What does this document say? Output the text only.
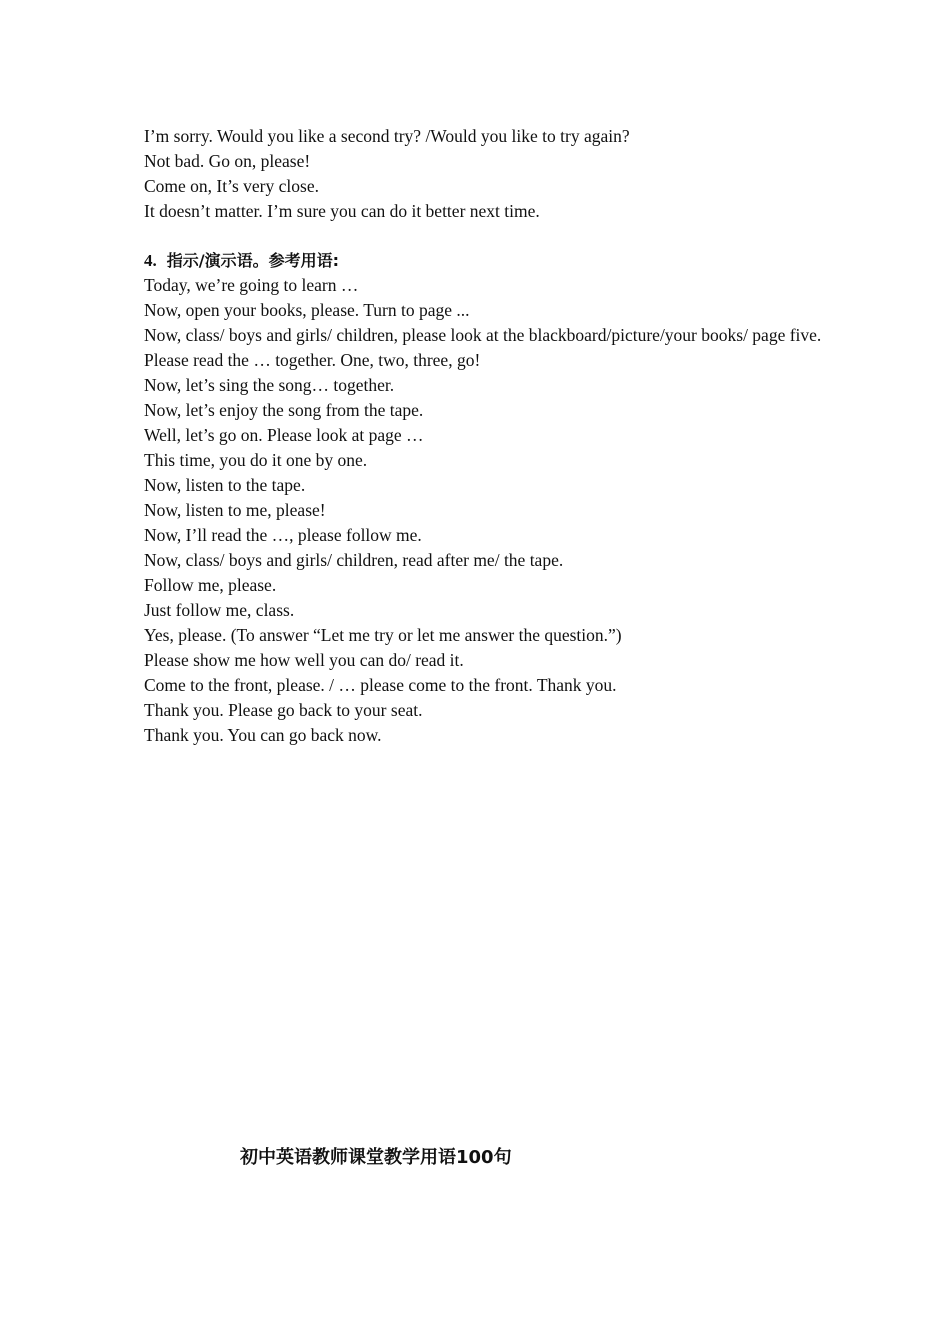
I’m sorry. Would you like a second try? /Would you like to try again?
Not bad. Go on, please!
Come on, It’s very close.
It doesn’t matter. I’m sure you can do it better next time.
4. 指示/演示语。参考用语:
Today, we’re going to learn …
Now, open your books, please. Turn to page ...
Now, class/ boys and girls/ children, please look at the blackboard/picture/your books/ page five.
Please read the … together. One, two, three, go!
Now, let’s sing the song… together.
Now, let’s enjoy the song from the tape.
Well, let’s go on. Please look at page …
This time, you do it one by one.
Now, listen to the tape.
Now, listen to me, please!
Now, I’ll read the …, please follow me.
Now, class/ boys and girls/ children, read after me/ the tape.
Follow me, please.
Just follow me, class.
Yes, please. (To answer “Let me try or let me answer the question.”)
Please show me how well you can do/ read it.
Come to the front, please. / … please come to the front. Thank you.
Thank you. Please go back to your seat.
Thank you. You can go back now.
初中英语教师课堂教学用语100句
